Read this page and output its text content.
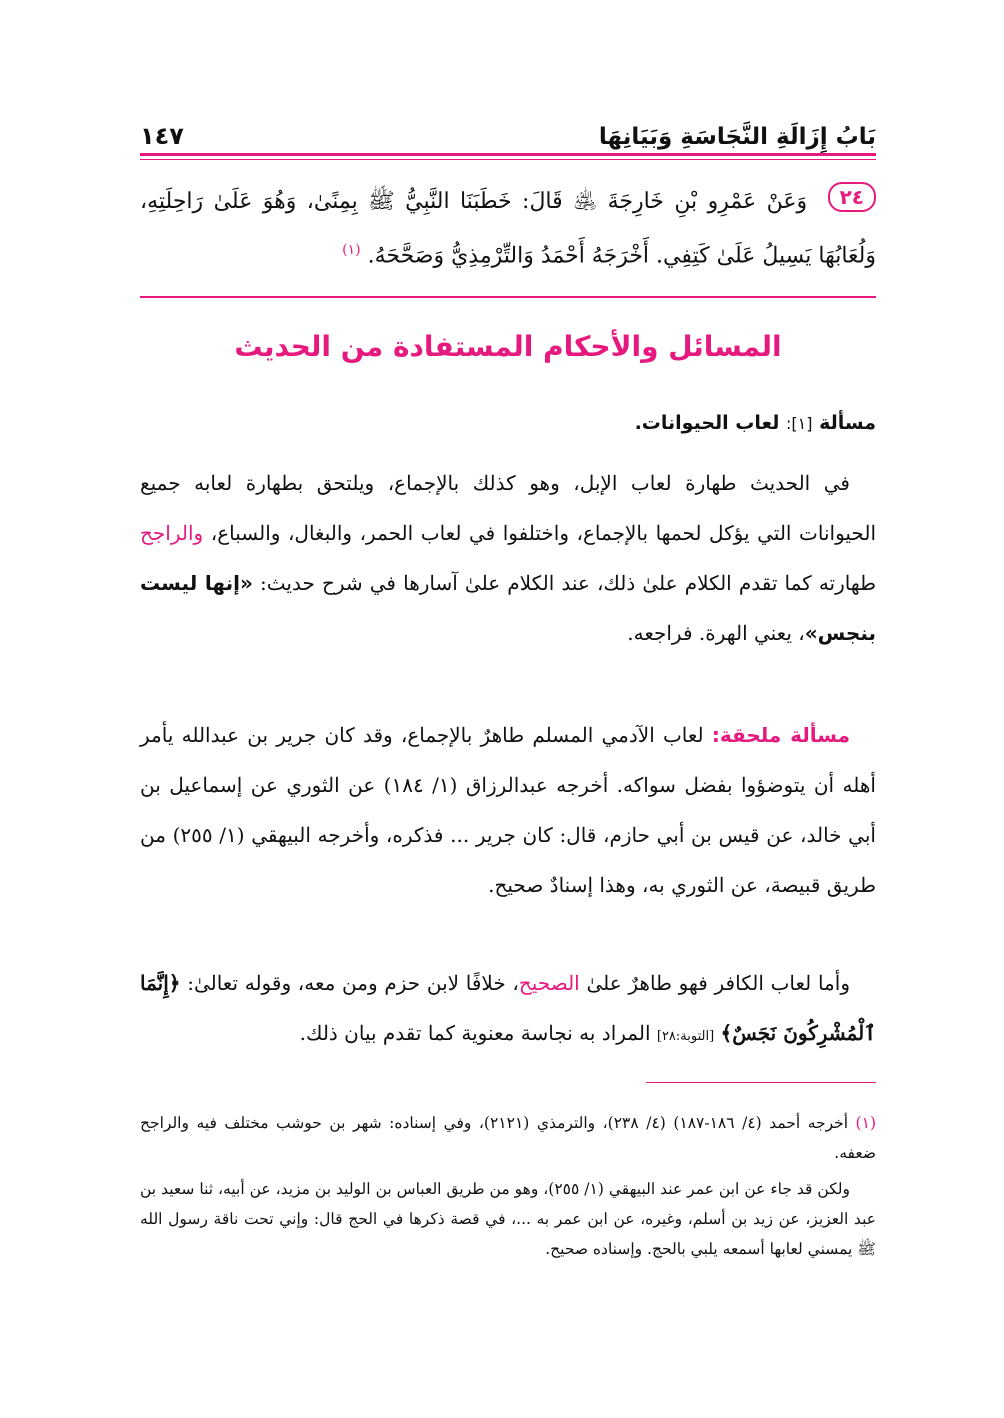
بَابُ إِزَالَةِ النَّجَاسَةِ وَبَيَانِهَا
١٤٧
٢٤ وَعَنْ عَمْرِو بْنِ خَارِجَةَ ﵁ قَالَ: خَطَبَنَا النَّبِيُّ ﷺ بِمِنًىٰ، وَهُوَ عَلَىٰ رَاحِلَتِهِ، وَلُعَابُهَا يَسِيلُ عَلَىٰ كَتِفِي. أَخْرَجَهُ أَحْمَدُ وَالتِّرْمِذِيُّ وَصَحَّحَهُ. $^{(١)}$
المسائل والأحكام المستفادة من الحديث
مسألة [١]: لعاب الحيوانات.
في الحديث طهارة لعاب الإبل، وهو كذلك بالإجماع، ويلتحق بطهارة لعابه جميع الحيوانات التي يؤكل لحمها بالإجماع، واختلفوا في لعاب الحمر، والبغال، والسباع، والراجح طهارته كما تقدم الكلام علىٰ ذلك، عند الكلام علىٰ آسارها في شرح حديث: «إنها ليست بنجس»، يعني الهرة. فراجعه.
مسألة ملحقة: لعاب الآدمي المسلم طاهرٌ بالإجماع، وقد كان جرير بن عبدالله يأمر أهله أن يتوضؤوا بفضل سواكه. أخرجه عبدالرزاق (١/ ١٨٤) عن الثوري عن إسماعيل بن أبي خالد، عن قيس بن أبي حازم، قال: كان جرير ... فذكره، وأخرجه البيهقي (١/ ٢٥٥) من طريق قبيصة، عن الثوري به، وهذا إسنادٌ صحيح.
وأما لعاب الكافر فهو طاهرٌ علىٰ الصحيح، خلافًا لابن حزم ومن معه، وقوله تعالىٰ: ﴿إِنَّمَا ٱلْمُشْرِكُونَ نَجَسٌ﴾ [التوبة:٢٨] المراد به نجاسة معنوية كما تقدم بيان ذلك.

(١) أخرجه أحمد (٤/ ١٨٦-١٨٧) (٤/ ٢٣٨)، والترمذي (٢١٢١)، وفي إسناده: شهر بن حوشب مختلف فيه والراجح ضعفه.

ولكن قد جاء عن ابن عمر عند البيهقي (١/ ٢٥٥)، وهو من طريق العباس بن الوليد بن مزيد، عن أبيه، ثنا سعيد بن عبد العزيز، عن زيد بن أسلم، وغيره، عن ابن عمر به ...، في قصة ذكرها في الحج قال: وإني تحت ناقة رسول الله ﷺ يمسني لعابها أسمعه يلبي بالحج. وإسناده صحيح.
